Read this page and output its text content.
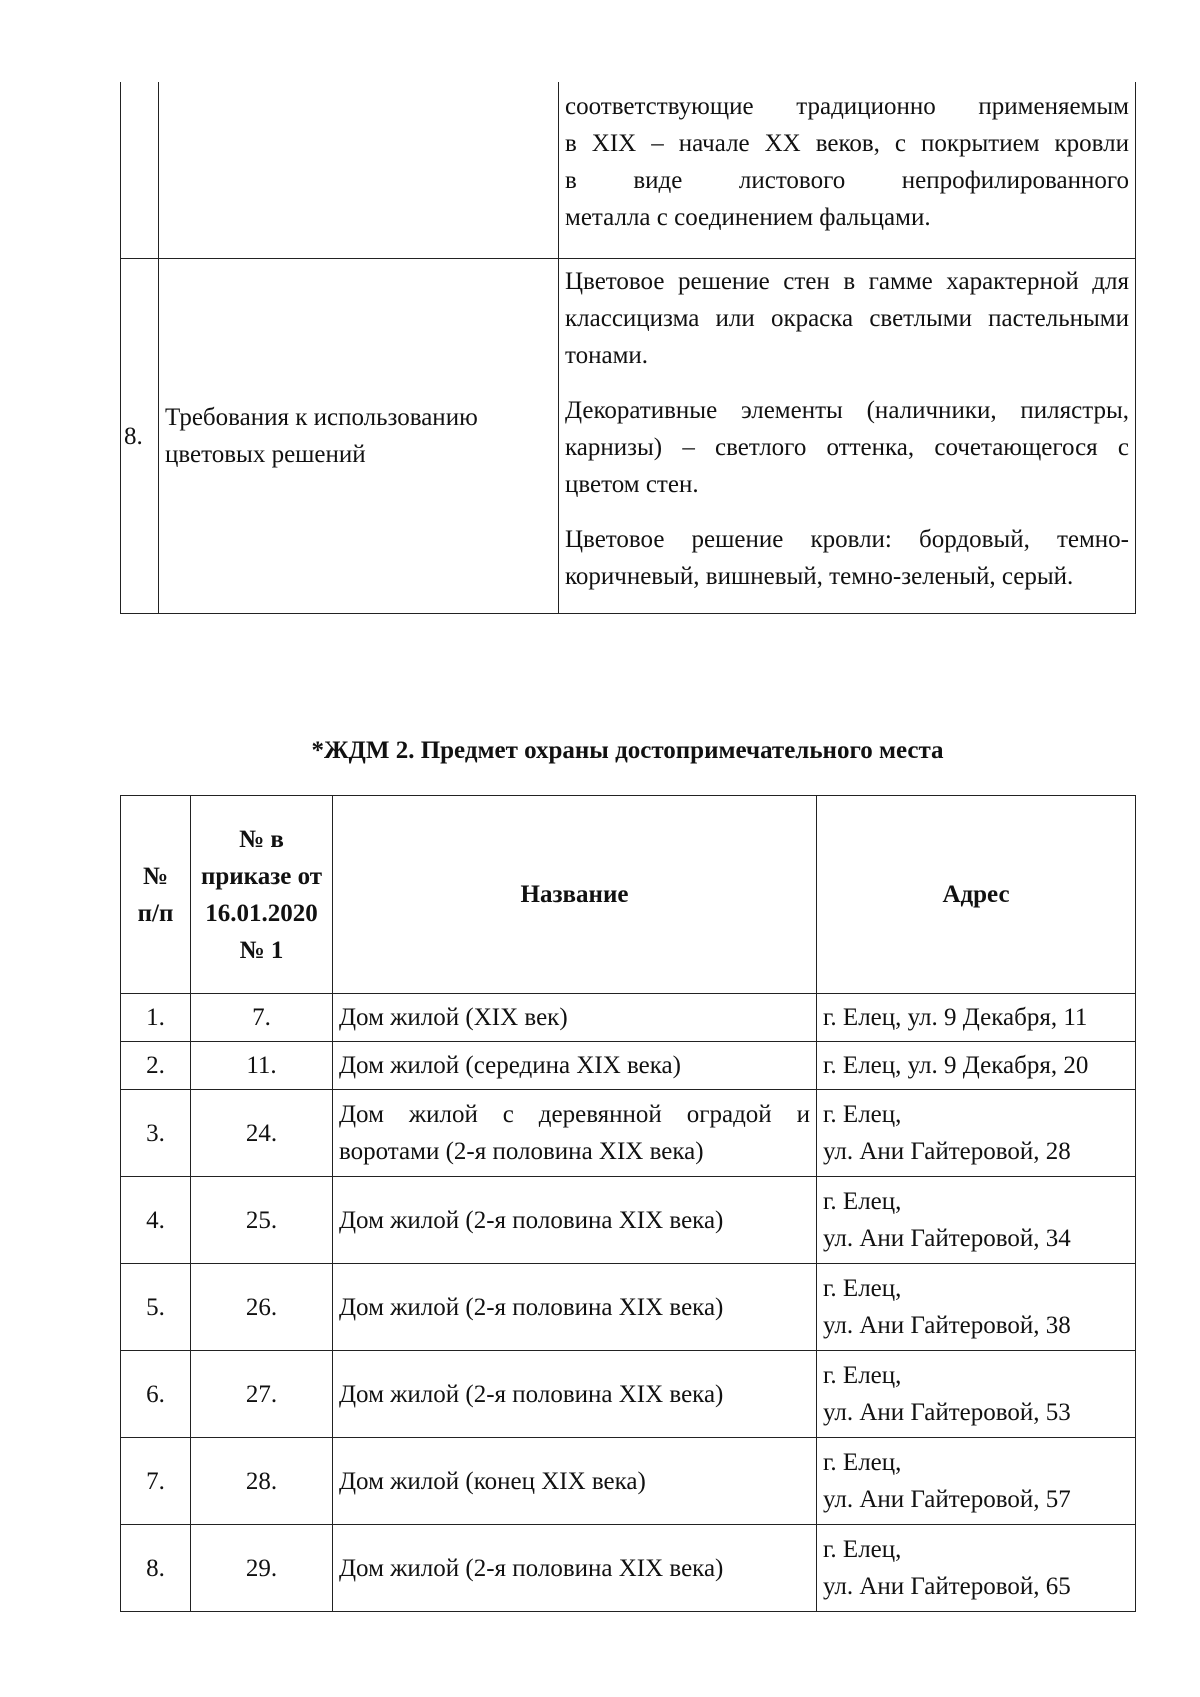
		соответствующие традиционно применяемым
в XIX – начале XX веков, с покрытием кровли
в виде листового непрофилированного
металла с соединением фальцами.

8.	Требования к использованию цветовых решений	Цветовое решение стен в гамме характерной для классицизма или окраска светлыми пастельными тонами.

Декоративные элементы (наличники, пилястры, карнизы) – светлого оттенка, сочетающегося с цветом стен.

Цветовое решение кровли: бордовый, темно-коричневый, вишневый, темно-зеленый, серый.

*ЖДМ 2. Предмет охраны достопримечательного места
№ п/п	№ в приказе от 16.01.2020 № 1	Название	Адрес
1.	7.	Дом жилой (XIX век)	г. Елец, ул. 9 Декабря, 11

2.	11.	Дом жилой (середина XIX века)	г. Елец, ул. 9 Декабря, 20

3.	24.	Дом жилой с деревянной оградой и воротами (2-я половина XIX века)	г. Елец,
ул. Ани Гайтеровой, 28

4.	25.	Дом жилой (2-я половина XIX века)	г. Елец,
ул. Ани Гайтеровой, 34

5.	26.	Дом жилой (2-я половина XIX века)	г. Елец,
ул. Ани Гайтеровой, 38

6.	27.	Дом жилой (2-я половина XIX века)	г. Елец,
ул. Ани Гайтеровой, 53

7.	28.	Дом жилой (конец XIX века)	г. Елец,
ул. Ани Гайтеровой, 57

8.	29.	Дом жилой (2-я половина XIX века)	г. Елец,
ул. Ани Гайтеровой, 65
